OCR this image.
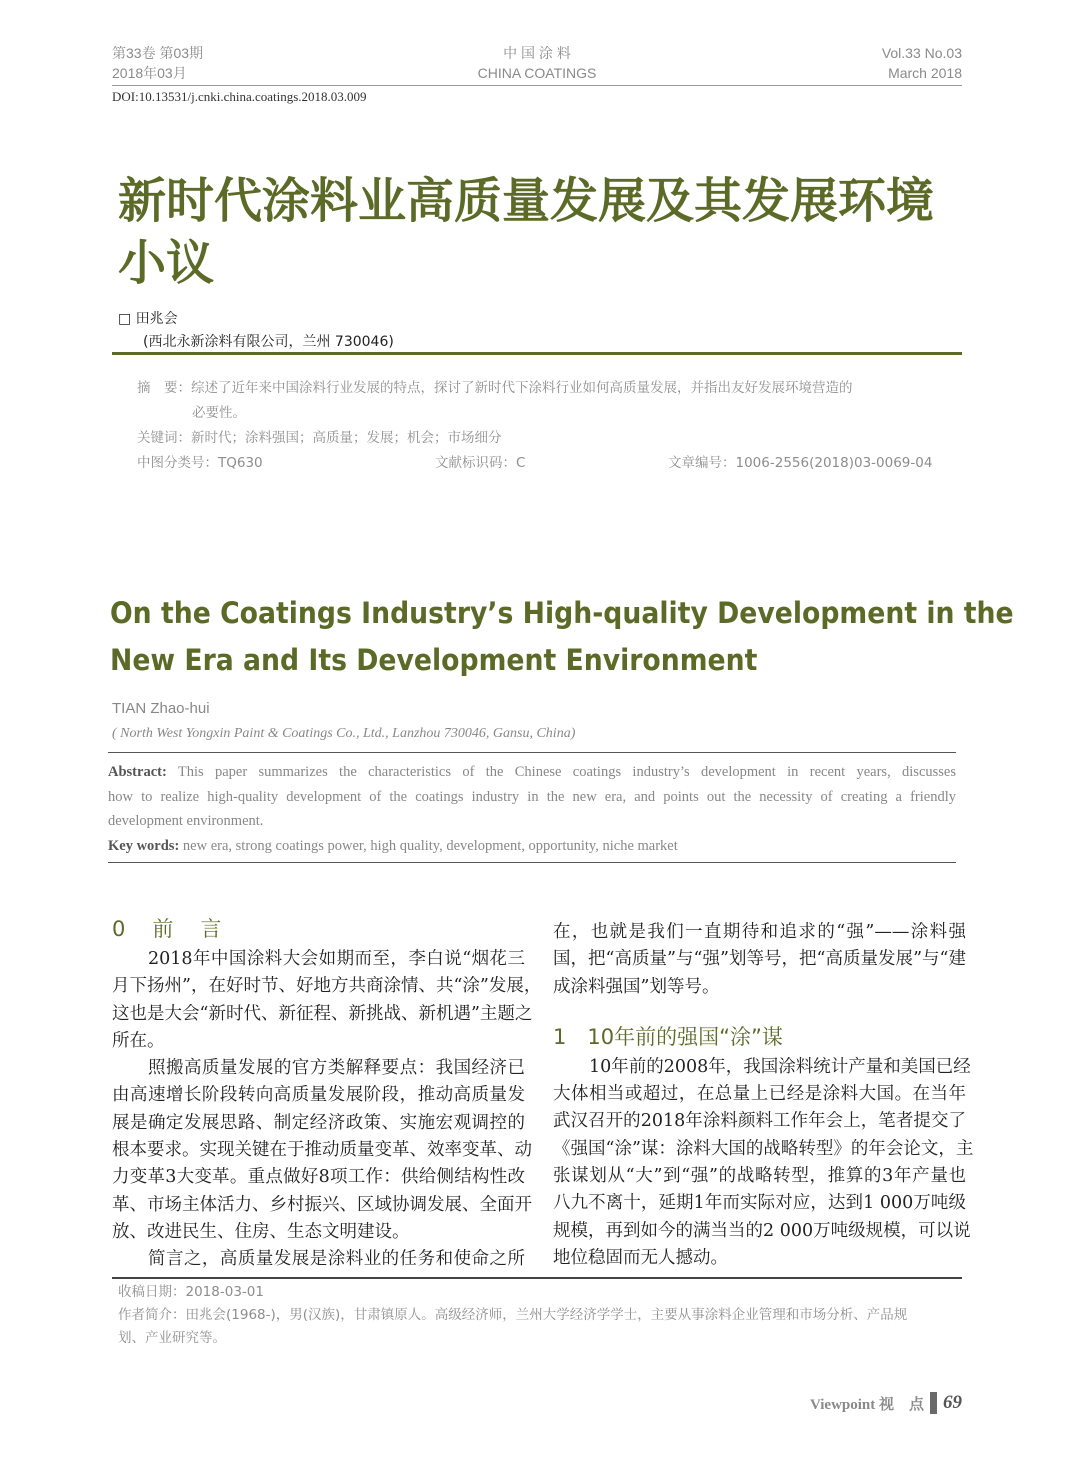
第33卷 第03期
2018年03月
中 国 涂 料
CHINA COATINGS
Vol.33 No.03
March 2018
DOI:10.13531/j.cnki.china.coatings.2018.03.009
新时代涂料业高质量发展及其发展环境
小议
□ 田兆会
(西北永新涂料有限公司，兰州 730046)
摘　要：综述了近年来中国涂料行业发展的特点，探讨了新时代下涂料行业如何高质量发展，并指出友好发展环境营造的
必要性。
关键词：新时代；涂料强国；高质量；发展；机会；市场细分
中图分类号：TQ630	文献标识码：C	文章编号：1006-2556(2018)03-0069-04
On the Coatings Industry’s High-quality Development in the
New Era and Its Development Environment
TIAN Zhao-hui
( North West Yongxin Paint & Coatings Co., Ltd., Lanzhou 730046, Gansu, China)
Abstract: This paper summarizes the characteristics of the Chinese coatings industry’s development in recent years, discusses
how to realize high-quality development of the coatings industry in the new era, and points out the necessity of creating a friendly
development environment.
Key words: new era, strong coatings power, high quality, development, opportunity, niche market
0　前　言
2018年中国涂料大会如期而至，李白说“烟花三
月下扬州”，在好时节、好地方共商涂情、共“涂”发展，
这也是大会“新时代、新征程、新挑战、新机遇”主题之
所在。
照搬高质量发展的官方类解释要点：我国经济已
由高速增长阶段转向高质量发展阶段，推动高质量发
展是确定发展思路、制定经济政策、实施宏观调控的
根本要求。实现关键在于推动质量变革、效率变革、动
力变革3大变革。重点做好8项工作：供给侧结构性改
革、市场主体活力、乡村振兴、区域协调发展、全面开
放、改进民生、住房、生态文明建设。
简言之，高质量发展是涂料业的任务和使命之所
在，也就是我们一直期待和追求的“强”——涂料强
国，把“高质量”与“强”划等号，把“高质量发展”与“建
成涂料强国”划等号。
1　10年前的强国“涂”谋
10年前的2008年，我国涂料统计产量和美国已经
大体相当或超过，在总量上已经是涂料大国。在当年
武汉召开的2018年涂料颜料工作年会上，笔者提交了
《强国“涂”谋：涂料大国的战略转型》的年会论文，主
张谋划从“大”到“强”的战略转型，推算的3年产量也
八九不离十，延期1年而实际对应，达到1 000万吨级
规模，再到如今的满当当的2 000万吨级规模，可以说
地位稳固而无人撼动。
收稿日期：2018-03-01
作者简介：田兆会(1968-)，男(汉族)，甘肃镇原人。高级经济师，兰州大学经济学学士，主要从事涂料企业管理和市场分析、产品规
划、产业研究等。
Viewpoint 视　点 69
